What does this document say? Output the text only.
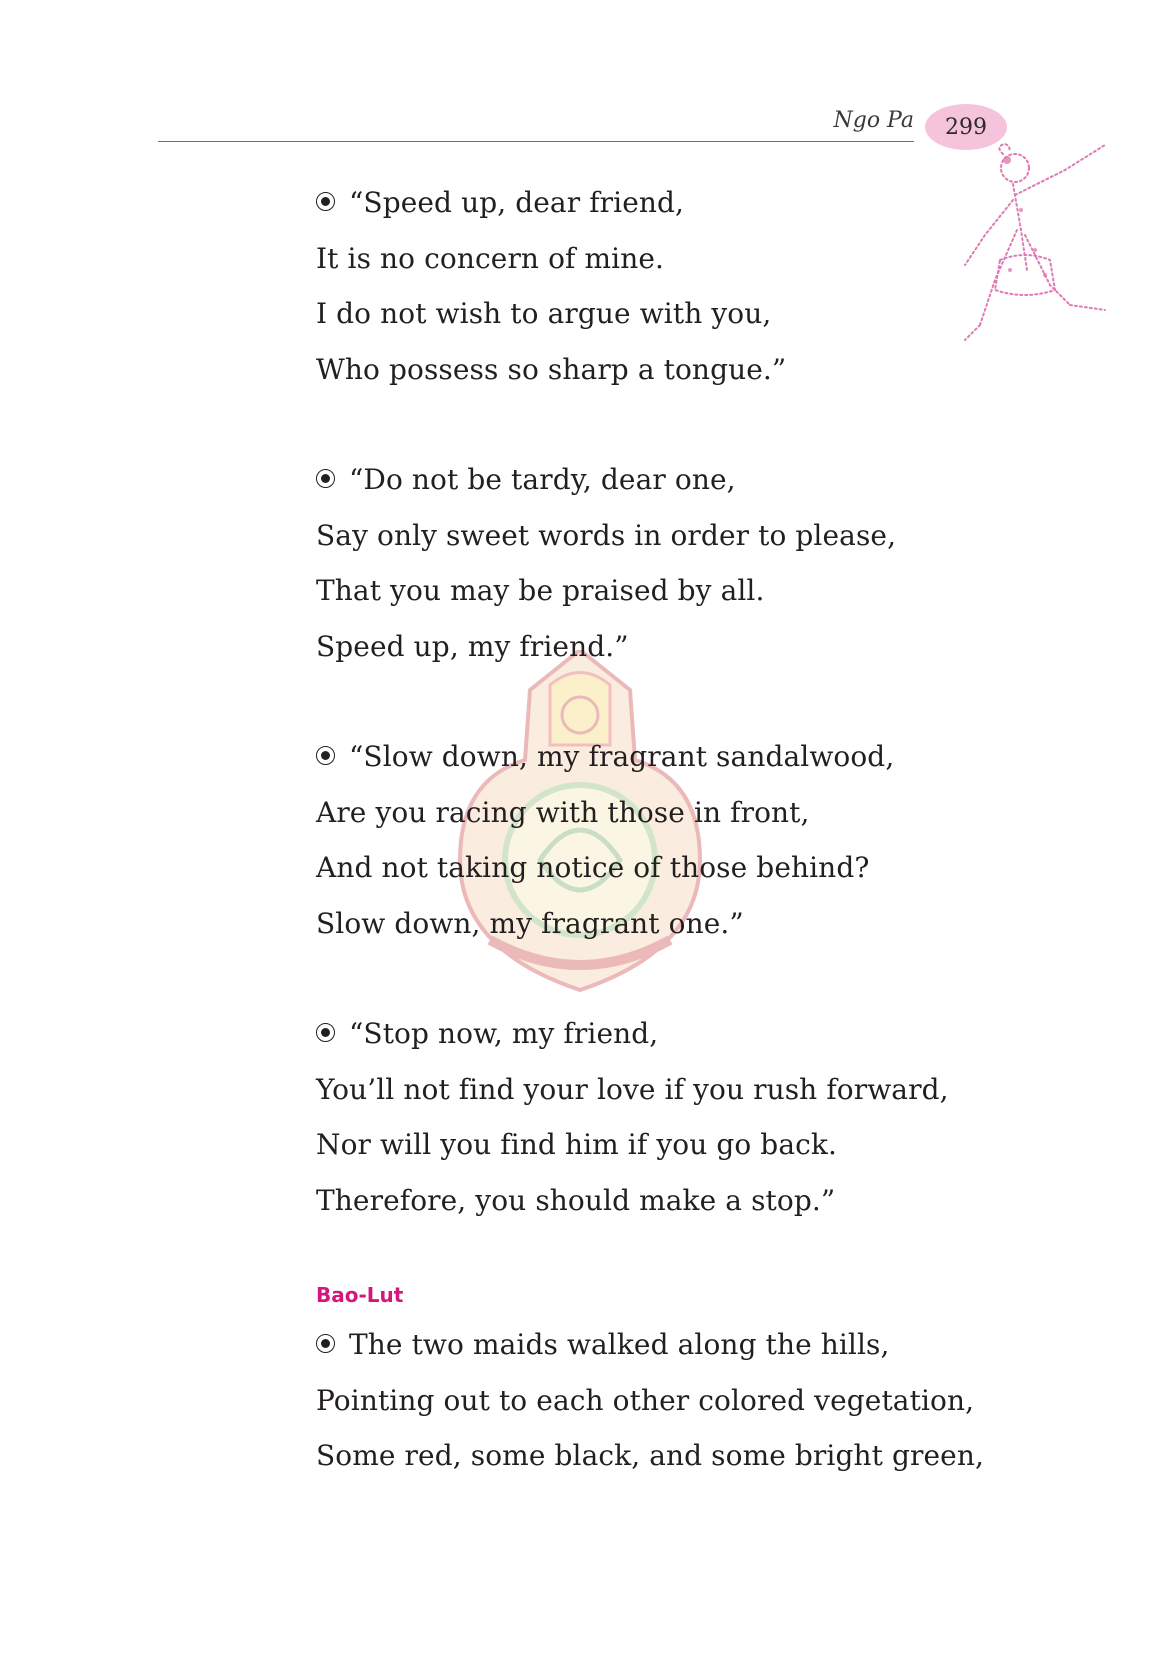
Ngo Pa 299
“Speed up, dear friend,
It is no concern of mine.
I do not wish to argue with you,
Who possess so sharp a tongue.”
“Do not be tardy, dear one,
Say only sweet words in order to please,
That you may be praised by all.
Speed up, my friend.”
“Slow down, my fragrant sandalwood,
Are you racing with those in front,
And not taking notice of those behind?
Slow down, my fragrant one.”
“Stop now, my friend,
You’ll not find your love if you rush forward,
Nor will you find him if you go back.
Therefore, you should make a stop.”
Bao-Lut
The two maids walked along the hills,
Pointing out to each other colored vegetation,
Some red, some black, and some bright green,
